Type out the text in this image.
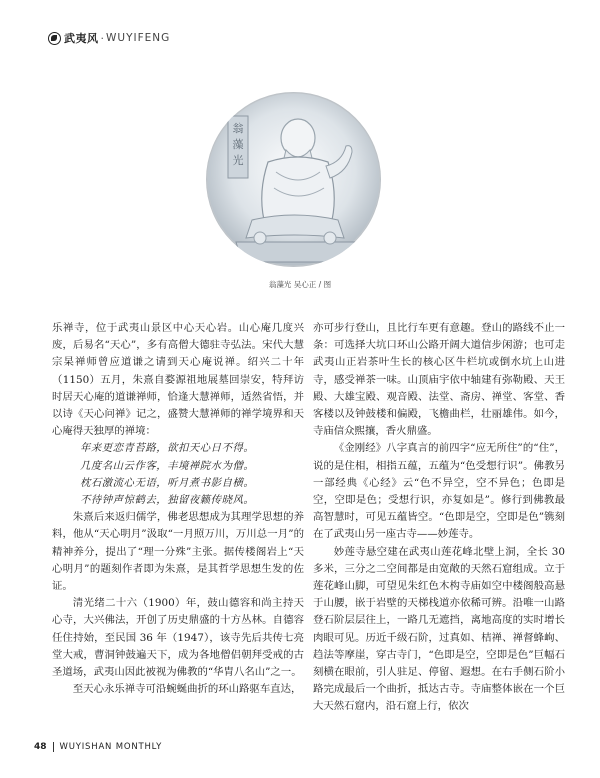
武夷风 · WUYIFENG
翁
藻
光
翁藻光 吴心正 / 图

乐禅寺，位于武夷山景区中心天心岩。山心庵几度兴废，后易名“天心”，多有高僧大德驻寺弘法。宋代大慧宗杲禅师曾应道谦之请到天心庵说禅。绍兴二十年（1150）五月，朱熹自婺源祖地展墓回崇安，特拜访时居天心庵的道谦禅师，恰逢大慧禅师，适然省悟，并以诗《天心问禅》记之，盛赞大慧禅师的禅学境界和天心庵得天独厚的禅境：

年来更恋青苔路，欲扣天心日不得。

几度名山云作客，丰境禅院水为僧。

枕石激流心无语，听月煮书影自横。

不待钟声惊鹤去，独留夜籁传晓风。

朱熹后来返归儒学，佛老思想成为其理学思想的养料，他从“天心明月”汲取“一月照万川，万川总一月”的精神养分，提出了“理一分殊”主张。据传楼阁岩上“天心明月”的题刻作者即为朱熹，是其哲学思想生发的佐证。

清光绪二十六（1900）年，鼓山德容和尚主持天心寺，大兴佛法，开创了历史鼎盛的十方丛林。自德容任住持始，至民国 36 年（1947），该寺先后共传七亮堂大戒，曹洞钟鼓遍天下，成为各地僧侣朝拜受戒的古圣道场，武夷山因此被视为佛教的“华胄八名山”之一。

至天心永乐禅寺可沿蜿蜒曲折的环山路驱车直达，

亦可步行登山，且比行车更有意趣。登山的路线不止一条：可选择大坑口环山公路开阔大道信步闲游；也可走武夷山正岩茶叶生长的核心区牛栏坑或倒水坑上山进寺，感受禅茶一味。山顶庙宇依中轴建有弥勒殿、天王殿、大雄宝殿、观音殿、法堂、斋房、禅堂、客堂、香客楼以及钟鼓楼和偏殿，飞檐曲栏，壮丽雄伟。如今，寺庙信众熙攘，香火鼎盛。

《金刚经》八字真言的前四字“应无所住”的“住”，说的是住相，相指五蕴，五蕴为“色受想行识”。佛教另一部经典《心经》云“色不异空，空不异色；色即是空，空即是色；受想行识，亦复如是”。修行到佛教最高智慧时，可见五蕴皆空。“色即是空，空即是色”镌刻在了武夷山另一座古寺——妙莲寺。

妙莲寺悬空建在武夷山莲花峰北壁上洞，全长 30 多米，三分之二空间都是由宽敞的天然石窟组成。立于莲花峰山脚，可望见朱红色木构寺庙如空中楼阁般高悬于山腰，嵌于岩壁的天梯栈道亦依稀可辨。沿唯一山路登石阶层层往上，一路几无遮挡，离地高度的实时增长肉眼可见。历近千级石阶，过真如、桔禅、禅督蜂峋、趋法等摩崖，穿古寺门，“色即是空，空即是色”巨幅石刻横在眼前，引人驻足、停留、遐想。在右手侧石阶小路完成最后一个曲折，抵达古寺。寺庙整体嵌在一个巨大天然石窟内，沿石窟上行，依次

48 WUYISHAN MONTHLY
